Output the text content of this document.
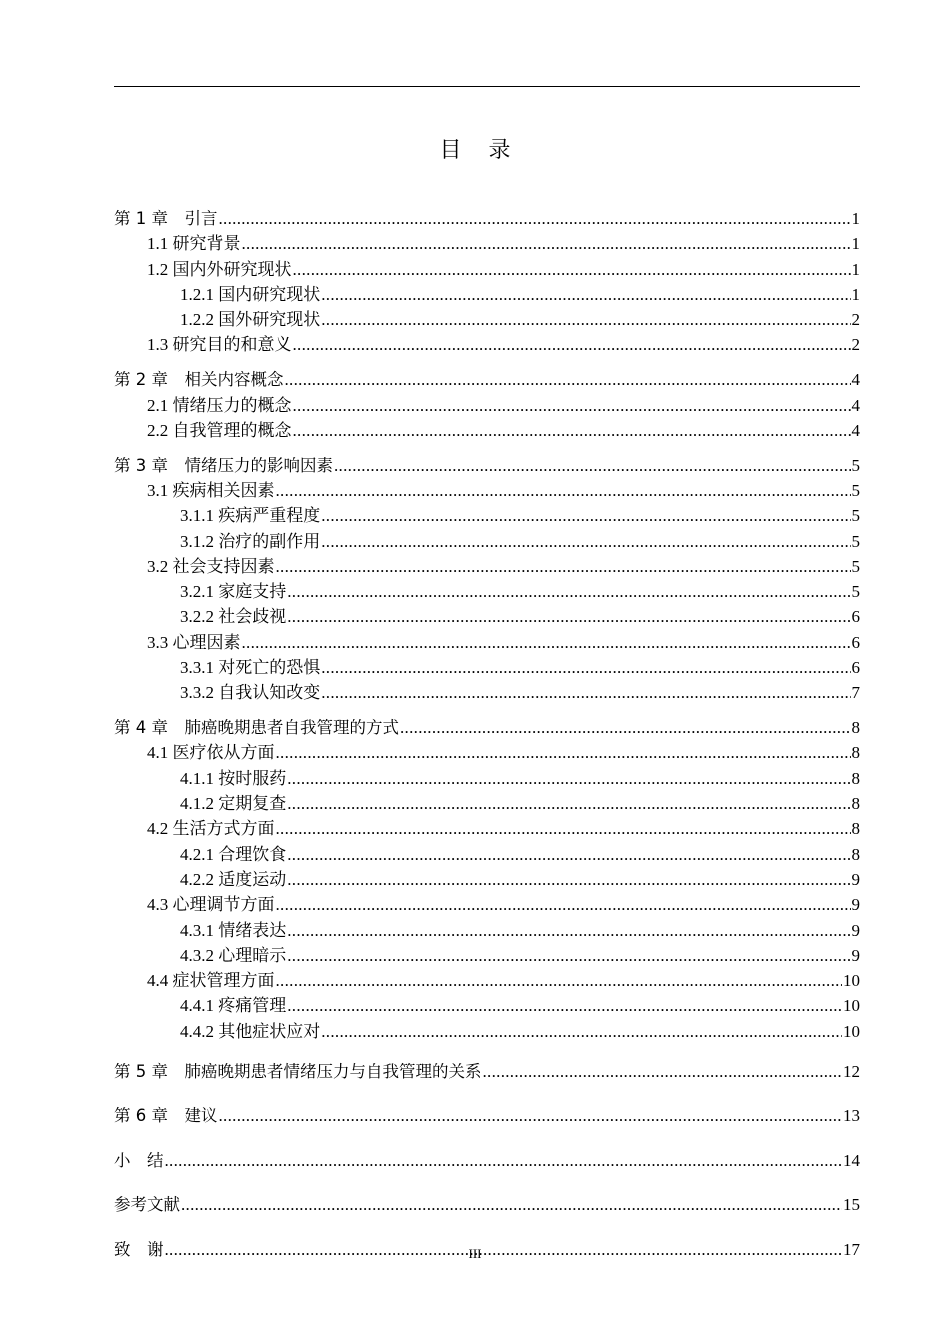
目 录
第 1 章　引言 .....	1
1.1 研究背景 .....	1
1.2 国内外研究现状 .....	1
1.2.1 国内研究现状 .....	1
1.2.2 国外研究现状 .....	2
1.3 研究目的和意义 .....	2
第 2 章　相关内容概念 .....	4
2.1 情绪压力的概念 .....	4
2.2 自我管理的概念 .....	4
第 3 章　情绪压力的影响因素 .....	5
3.1 疾病相关因素 .....	5
3.1.1 疾病严重程度 .....	5
3.1.2 治疗的副作用 .....	5
3.2 社会支持因素 .....	5
3.2.1 家庭支持 .....	5
3.2.2 社会歧视 .....	6
3.3 心理因素 .....	6
3.3.1 对死亡的恐惧 .....	6
3.3.2 自我认知改变 .....	7
第 4 章　肺癌晚期患者自我管理的方式 .....	8
4.1 医疗依从方面 .....	8
4.1.1 按时服药 .....	8
4.1.2 定期复查 .....	8
4.2 生活方式方面 .....	8
4.2.1 合理饮食 .....	8
4.2.2 适度运动 .....	9
4.3 心理调节方面 .....	9
4.3.1 情绪表达 .....	9
4.3.2 心理暗示 .....	9
4.4 症状管理方面 .....	10
4.4.1 疼痛管理 .....	10
4.4.2 其他症状应对 .....	10
第 5 章　肺癌晚期患者情绪压力与自我管理的关系 .....	12
第 6 章　建议 .....	13
小　结 .....	14
参考文献 .....	15
致　谢 .....	17
III
